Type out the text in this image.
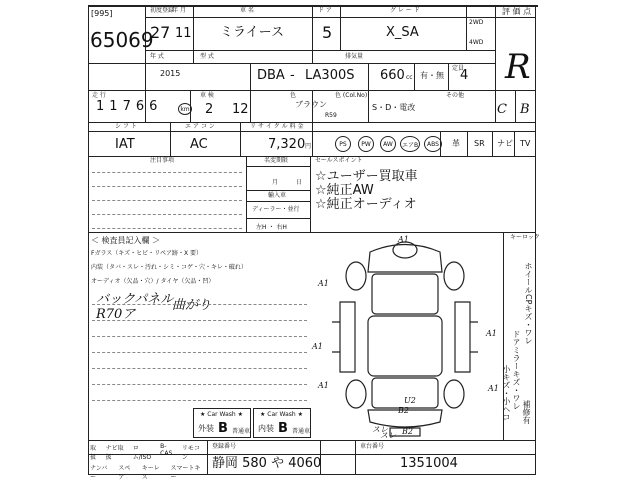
[995]
65069
初度登録
年 月
27 11
車 名
ミライース
ド ア
5
グ レ ー ド
X_SA
2WD
4WD
評 価 点
R
年 式
2015
型 式
DBA - LA300S
排気量
660 cc 有・無
定員
4
走 行
1 1 7 6 6	km
車 検
2 12
色
ブラウン
色 (Col.No)
R59
S・D・電改
その他
C B
シ フ ト
IAT
エ ア コ ン
AC
リ サ イ ク ル 料 金
7,320 円	PS	PW	AW	エアB	ABS	革 SR ナビ TV
注目事項	名変期限
月	日
輸入車
ディーラー・並行
左H ・ 右H
セールスポイント
☆ユーザー買取車
☆純正AW
☆純正オーディオ
＜ 検査員記入欄 ＞
Fガラス（キズ・ヒビ・リペア跡・X 要）
内装（タバ・スレ・汚れ・シミ・コゲ・穴・キレ・破れ）
オーディオ（欠品・穴）/ タイヤ（欠品・凹）
バックパネル
R70ア
曲がり
キーロック
ホイールCPキズ・ワレ
ドアミラーキズ・ワレ
小キズ・小ヘコ 補修有
A1
A1
A1
A1
A1
A1
U2
B2
スレ
スレ B2
★ Car Wash ★
外装 B 普通車
★ Car Wash ★
内装 B 普通車
取扱
ナビ取扱
ロム/ISO
B-CAS
リモコン
ナンバー
スペア
キーレス
スマートキー
登録番号
静岡 580 や 4060
車台番号
1351004
